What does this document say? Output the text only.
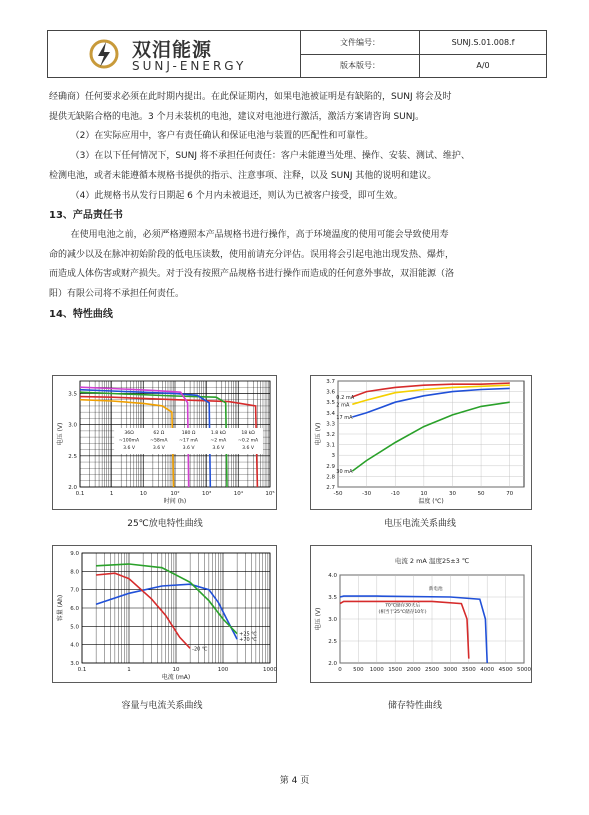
双泪能源
SUNJ-ENERGY
文件编号：	SUNJ.S.01.008.f
版本版号：	A/0

经确商）任何要求必须在此时期内提出。在此保证期内，如果电池被证明是有缺陷的，SUNJ 将会及时

提供无缺陷合格的电池。3 个月未装机的电池，建议对电池进行激活，激活方案请咨询 SUNJ。

（2）在实际应用中，客户有责任确认和保证电池与装置的匹配性和可靠性。

（3）在以下任何情况下，SUNJ 将不承担任何责任：客户未能遵当处理、操作、安装、测试、维护、

检测电池，或者未能遵循本规格书提供的指示、注意事项、注释，以及 SUNJ 其他的说明和建议。

（4）此规格书从发行日期起 6 个月内未被退还，则认为已被客户接受，即可生效。

13、产品责任书

在使用电池之前，必须严格遵照本产品规格书进行操作，高于环境温度的使用可能会导致使用寿

命的减少以及在脉冲初始阶段的低电压读数，使用前请充分评估。误用将会引起电池出现发热、爆炸，

而造成人体伤害或财产损失。对于没有按照产品规格书进行操作而造成的任何意外事故，双泪能源（洛

阳）有限公司将不承担任何责任。

14、特性曲线

0.1	1	10	10²	10³	10⁴	10⁵
2.0
2.5
3.0
3.5
时间 (h)
电压 (V)	36Ω	62 Ω	180 Ω	1.8 kΩ	18 kΩ
~100mA ~58mA	~17 mA	~2 mA	~0.2 mA
3.6 V	3.6 V	3.6 V	3.6 V	3.6 V
-50	-30	-10	10	30	50	70
2.7
2.8
2.9
3
3.1
3.2
3.3
3.4
3.5
3.6
3.7
温度 (℃)
电压 (V)
0.2 mA
2 mA
17 mA
30 mA
0.1	1	10	100	1000
3.0
4.0
5.0
6.0
7.0
8.0
9.0
电流 (mA)
容量 (Ah)
+70 ℃
+25 ℃
-20 ℃
0 500 1000 1500 2000 2500 3000 3500 4000 4500 5000
2.0
2.5
3.0
3.5
4.0
电压 (V)
电流 2 mA 温度25±3 ℃
新电池
70℃储存30天后
(相当于25℃储存10年)
25℃放电特性曲线	电压电流关系曲线
容量与电流关系曲线	储存特性曲线
第 4 页
